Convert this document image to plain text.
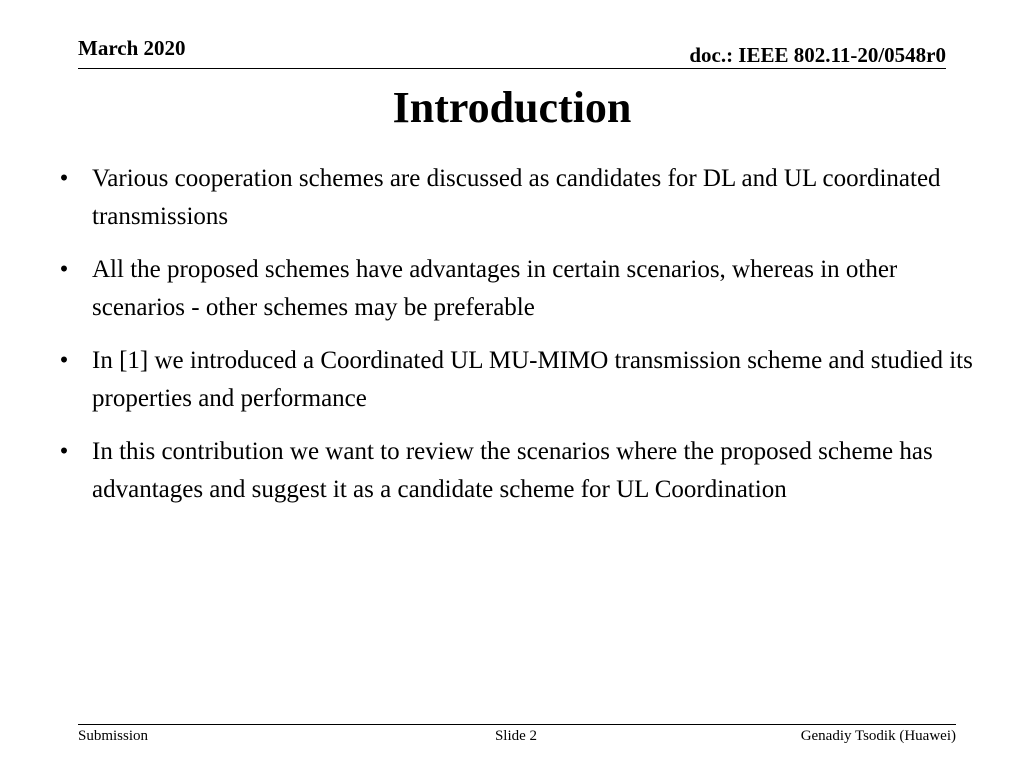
March 2020	doc.: IEEE 802.11-20/0548r0
Introduction
• Various cooperation schemes are discussed as candidates for DL and UL coordinated transmissions
• All the proposed schemes have advantages in certain scenarios, whereas in other scenarios - other schemes may be preferable
• In [1] we introduced a Coordinated UL MU-MIMO transmission scheme and studied its properties and performance
• In this contribution we want to review the scenarios where the proposed scheme has advantages and suggest it as a candidate scheme for UL Coordination
Submission	Slide 2	Genadiy Tsodik (Huawei)
